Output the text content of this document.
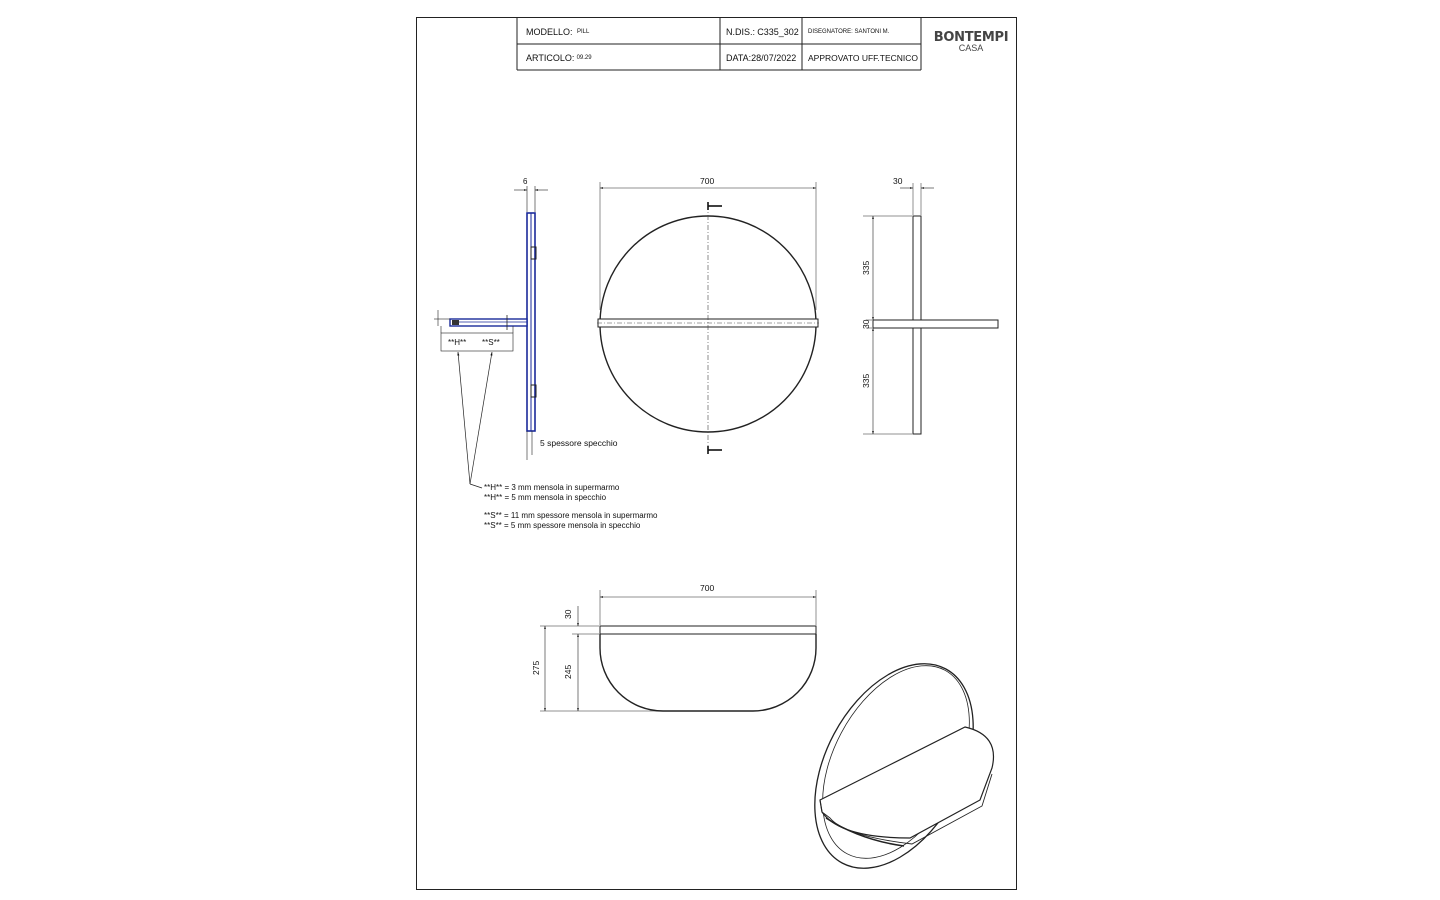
MODELLO:
PILL
ARTICOLO:
09.29
N.DIS.:
C335_302
DATA: 28/07/2022
DISEGNATORE: SANTONI M.
APPROVATO UFF.TECNICO
BONTEMPI
CASA
6
**H** **S**
5 spessore specchio
700	30
335
30
335
700
30
275	245
**H** = 3 mm mensola in supermarmo
**H** = 5 mm mensola in specchio
**S** = 11 mm spessore mensola in supermarmo
**S** = 5 mm spessore mensola in specchio
